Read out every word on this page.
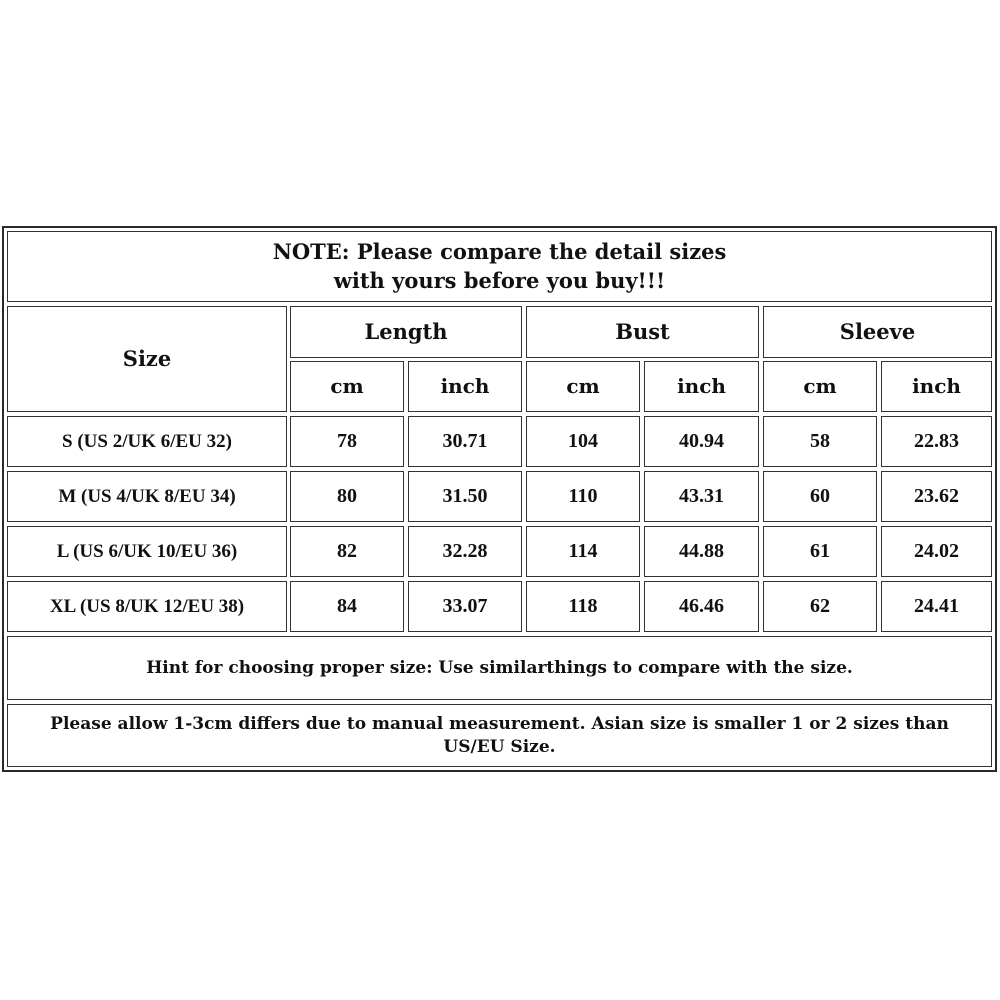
NOTE: Please compare the detail sizes
with yours before you buy!!!
Size
Length	Bust	Sleeve
cm	inch	cm	inch	cm	inch
S (US 2/UK 6/EU 32)	78	30.71	104	40.94	58	22.83
M (US 4/UK 8/EU 34)	80	31.50	110	43.31	60	23.62
L (US 6/UK 10/EU 36)	82	32.28	114	44.88	61	24.02
XL (US 8/UK 12/EU 38)	84	33.07	118	46.46	62	24.41
Hint for choosing proper size: Use similarthings to compare with the size.
Please allow 1-3cm differs due to manual measurement. Asian size is smaller 1 or 2 sizes than US/EU Size.
